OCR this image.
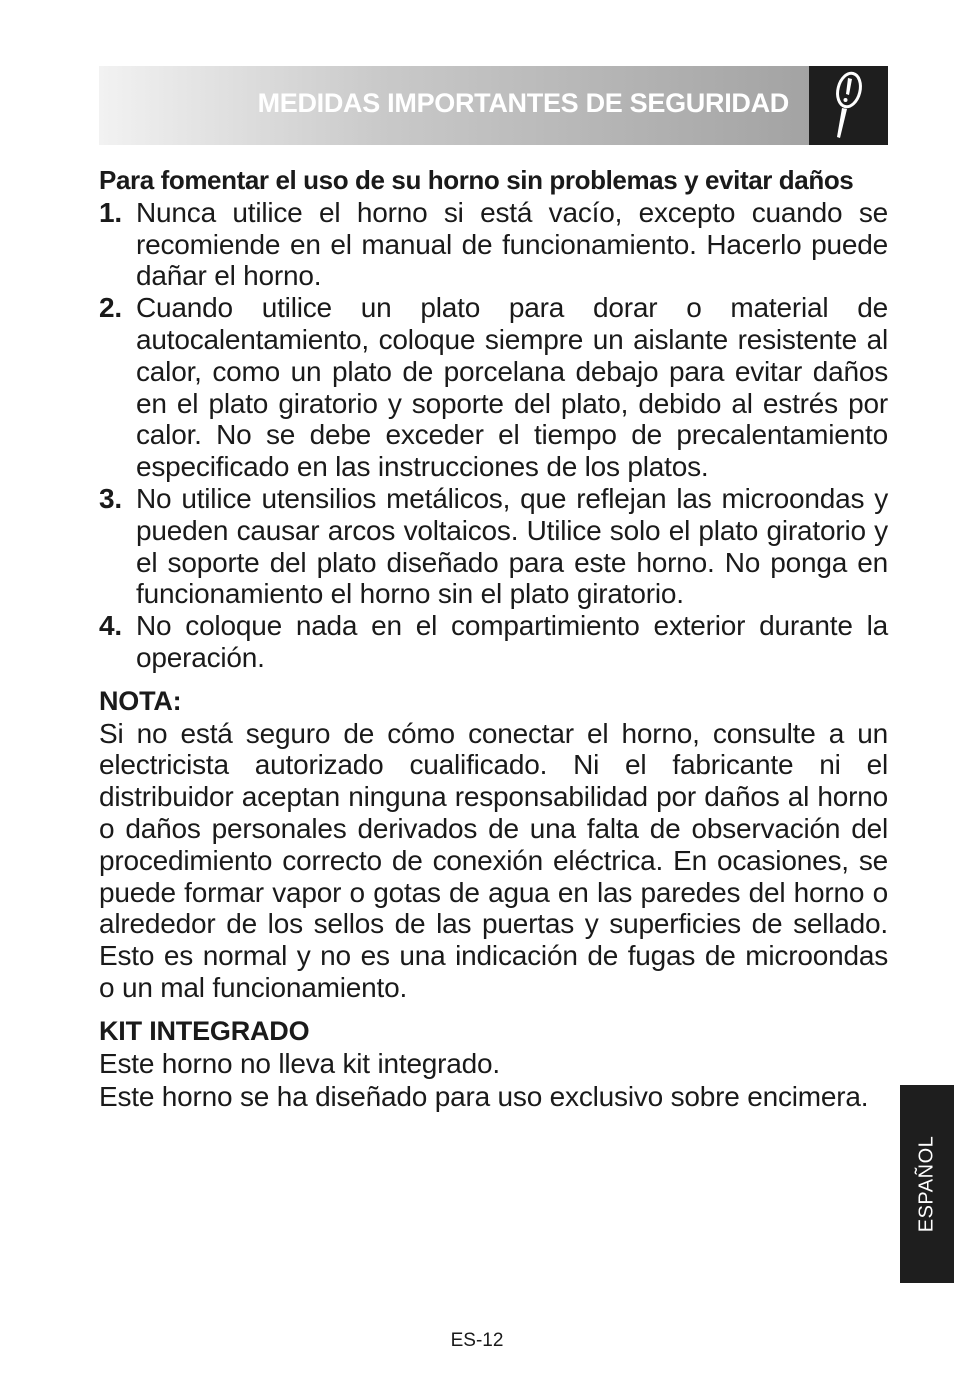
MEDIDAS IMPORTANTES DE SEGURIDAD
Para fomentar el uso de su horno sin problemas y evitar daños
1. Nunca utilice el horno si está vacío, excepto cuando se recomiende en el manual de funcionamiento. Hacerlo puede dañar el horno.
2. Cuando utilice un plato para dorar o material de autocalentamiento, coloque siempre un aislante resistente al calor, como un plato de porcelana debajo para evitar daños en el plato giratorio y soporte del plato, debido al estrés por calor. No se debe exceder el tiempo de precalentamiento especificado en las instrucciones de los platos.
3. No utilice utensilios metálicos, que reflejan las microondas y pueden causar arcos voltaicos. Utilice solo el plato giratorio y el soporte del plato diseñado para este horno. No ponga en funcionamiento el horno sin el plato giratorio.
4. No coloque nada en el compartimiento exterior durante la operación.
NOTA:
Si no está seguro de cómo conectar el horno, consulte a un electricista autorizado cualificado. Ni el fabricante ni el distribuidor aceptan ninguna responsabilidad por daños al horno o daños personales derivados de una falta de observación del procedimiento correcto de conexión eléctrica. En ocasiones, se puede formar vapor o gotas de agua en las paredes del horno o alrededor de los sellos de las puertas y superficies de sellado. Esto es normal y no es una indicación de fugas de microondas o un mal funcionamiento.
KIT INTEGRADO
Este horno no lleva kit integrado.
Este horno se ha diseñado para uso exclusivo sobre encimera.
ESPAÑOL
ES-12
